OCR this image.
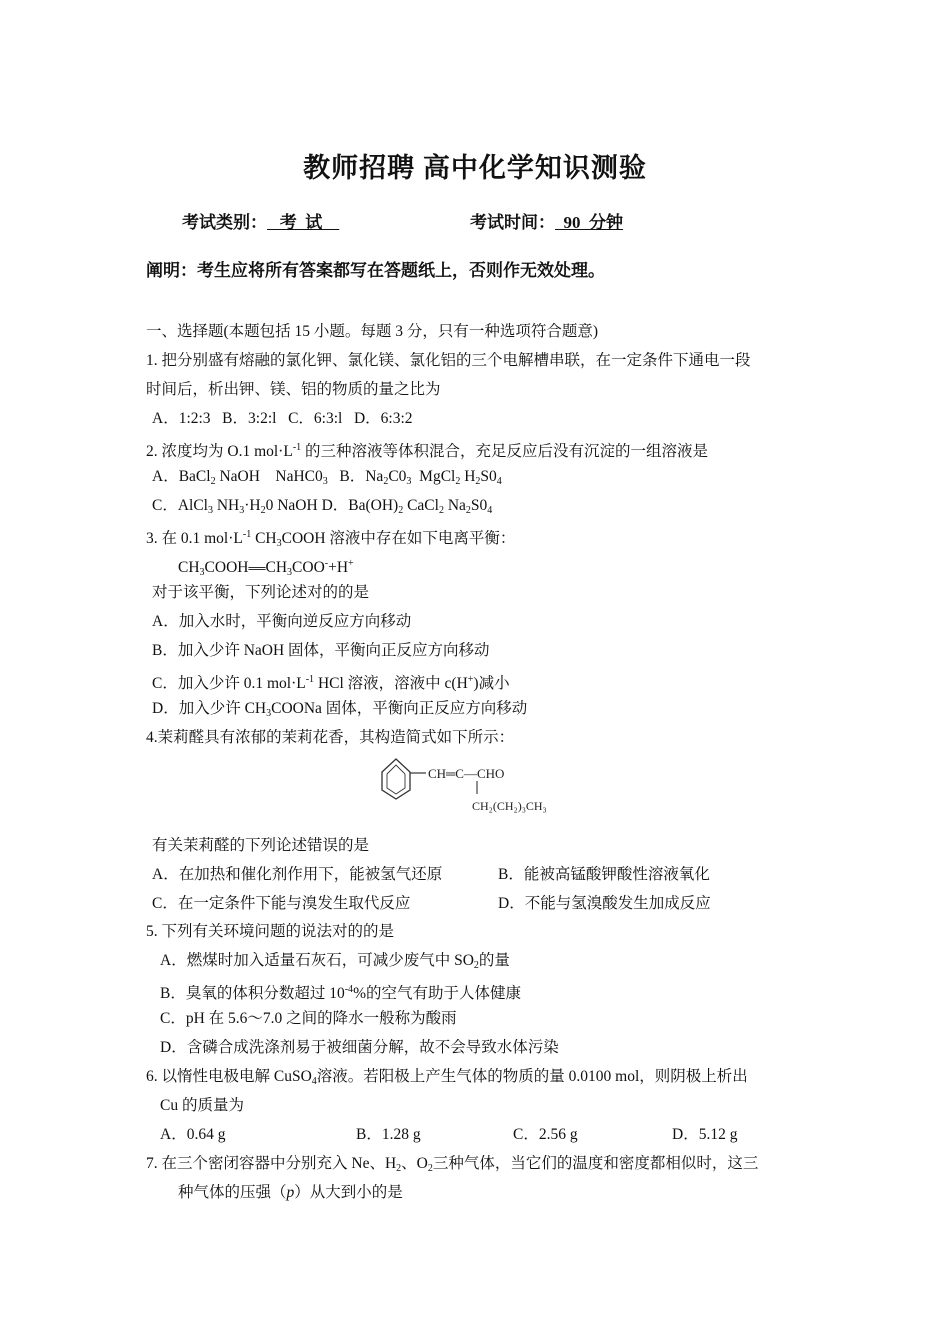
教师招聘 高中化学知识测验
考试类别：   考  试	考试时间：  90  分钟
阐明：考生应将所有答案都写在答题纸上，否则作无效处理。
一、选择题(本题包括 15 小题。每题 3 分，只有一种选项符合题意)
1. 把分别盛有熔融的氯化钾、氯化镁、氯化铝的三个电解槽串联，在一定条件下通电一段
时间后，析出钾、镁、铝的物质的量之比为
A．1:2:3   B．3:2:l   C．6:3:l   D．6:3:2
2. 浓度均为 O.1 $mol\cdot L^{-1}$ 的三种溶液等体积混合，充足反应后没有沉淀的一组溶液是
A．BaCl$_2$ NaOH    $NaHC0_3$   B．$Na_2C0_3$  MgCl$_2$ $H_2S0_4$
C．AlCl$_3$ $NH_3\cdot H_20$ NaOH D．$Ba(OH)_2$ CaCl$_2$ $Na_2S0_4$
3. 在 0.1 $mol\cdot L^{-1}$ $CH_3COOH$ 溶液中存在如下电离平衡：
$CH_3COOH══CH_3COO^-+H^+$
对于该平衡，下列论述对的的是
A．加入水时，平衡向逆反应方向移动
B．加入少许 NaOH 固体，平衡向正反应方向移动
C．加入少许 0.1 $mol\cdot L^{-1}$ HCl 溶液，溶液中 c(H+)减小
D．加入少许 $CH_3COONa$ 固体，平衡向正反应方向移动
4.茉莉醛具有浓郁的茉莉花香，其构造简式如下所示：
CH═C—CHO
CH₂(CH₂)₃CH₃
有关茉莉醛的下列论述错误的是
A．在加热和催化剂作用下，能被氢气还原	B．能被高锰酸钾酸性溶液氧化
C．在一定条件下能与溴发生取代反应	D．不能与氢溴酸发生加成反应
5. 下列有关环境问题的说法对的的是
A．燃煤时加入适量石灰石，可减少废气中 $SO_2$的量
B．臭氧的体积分数超过 $10^{-4}\%$的空气有助于人体健康
C．pH 在 5.6～7.0 之间的降水一般称为酸雨
D．含磷合成洗涤剂易于被细菌分解，故不会导致水体污染
6. 以惰性电极电解 CuSO$_4$溶液。若阳极上产生气体的物质的量 0.0100 mol，则阴极上析出
Cu 的质量为
A．0.64 g	B．1.28 g	C．2.56 g	D．5.12 g
7. 在三个密闭容器中分别充入 Ne、$H_2$、$O_2$三种气体，当它们的温度和密度都相似时，这三
种气体的压强（p）从大到小的是
